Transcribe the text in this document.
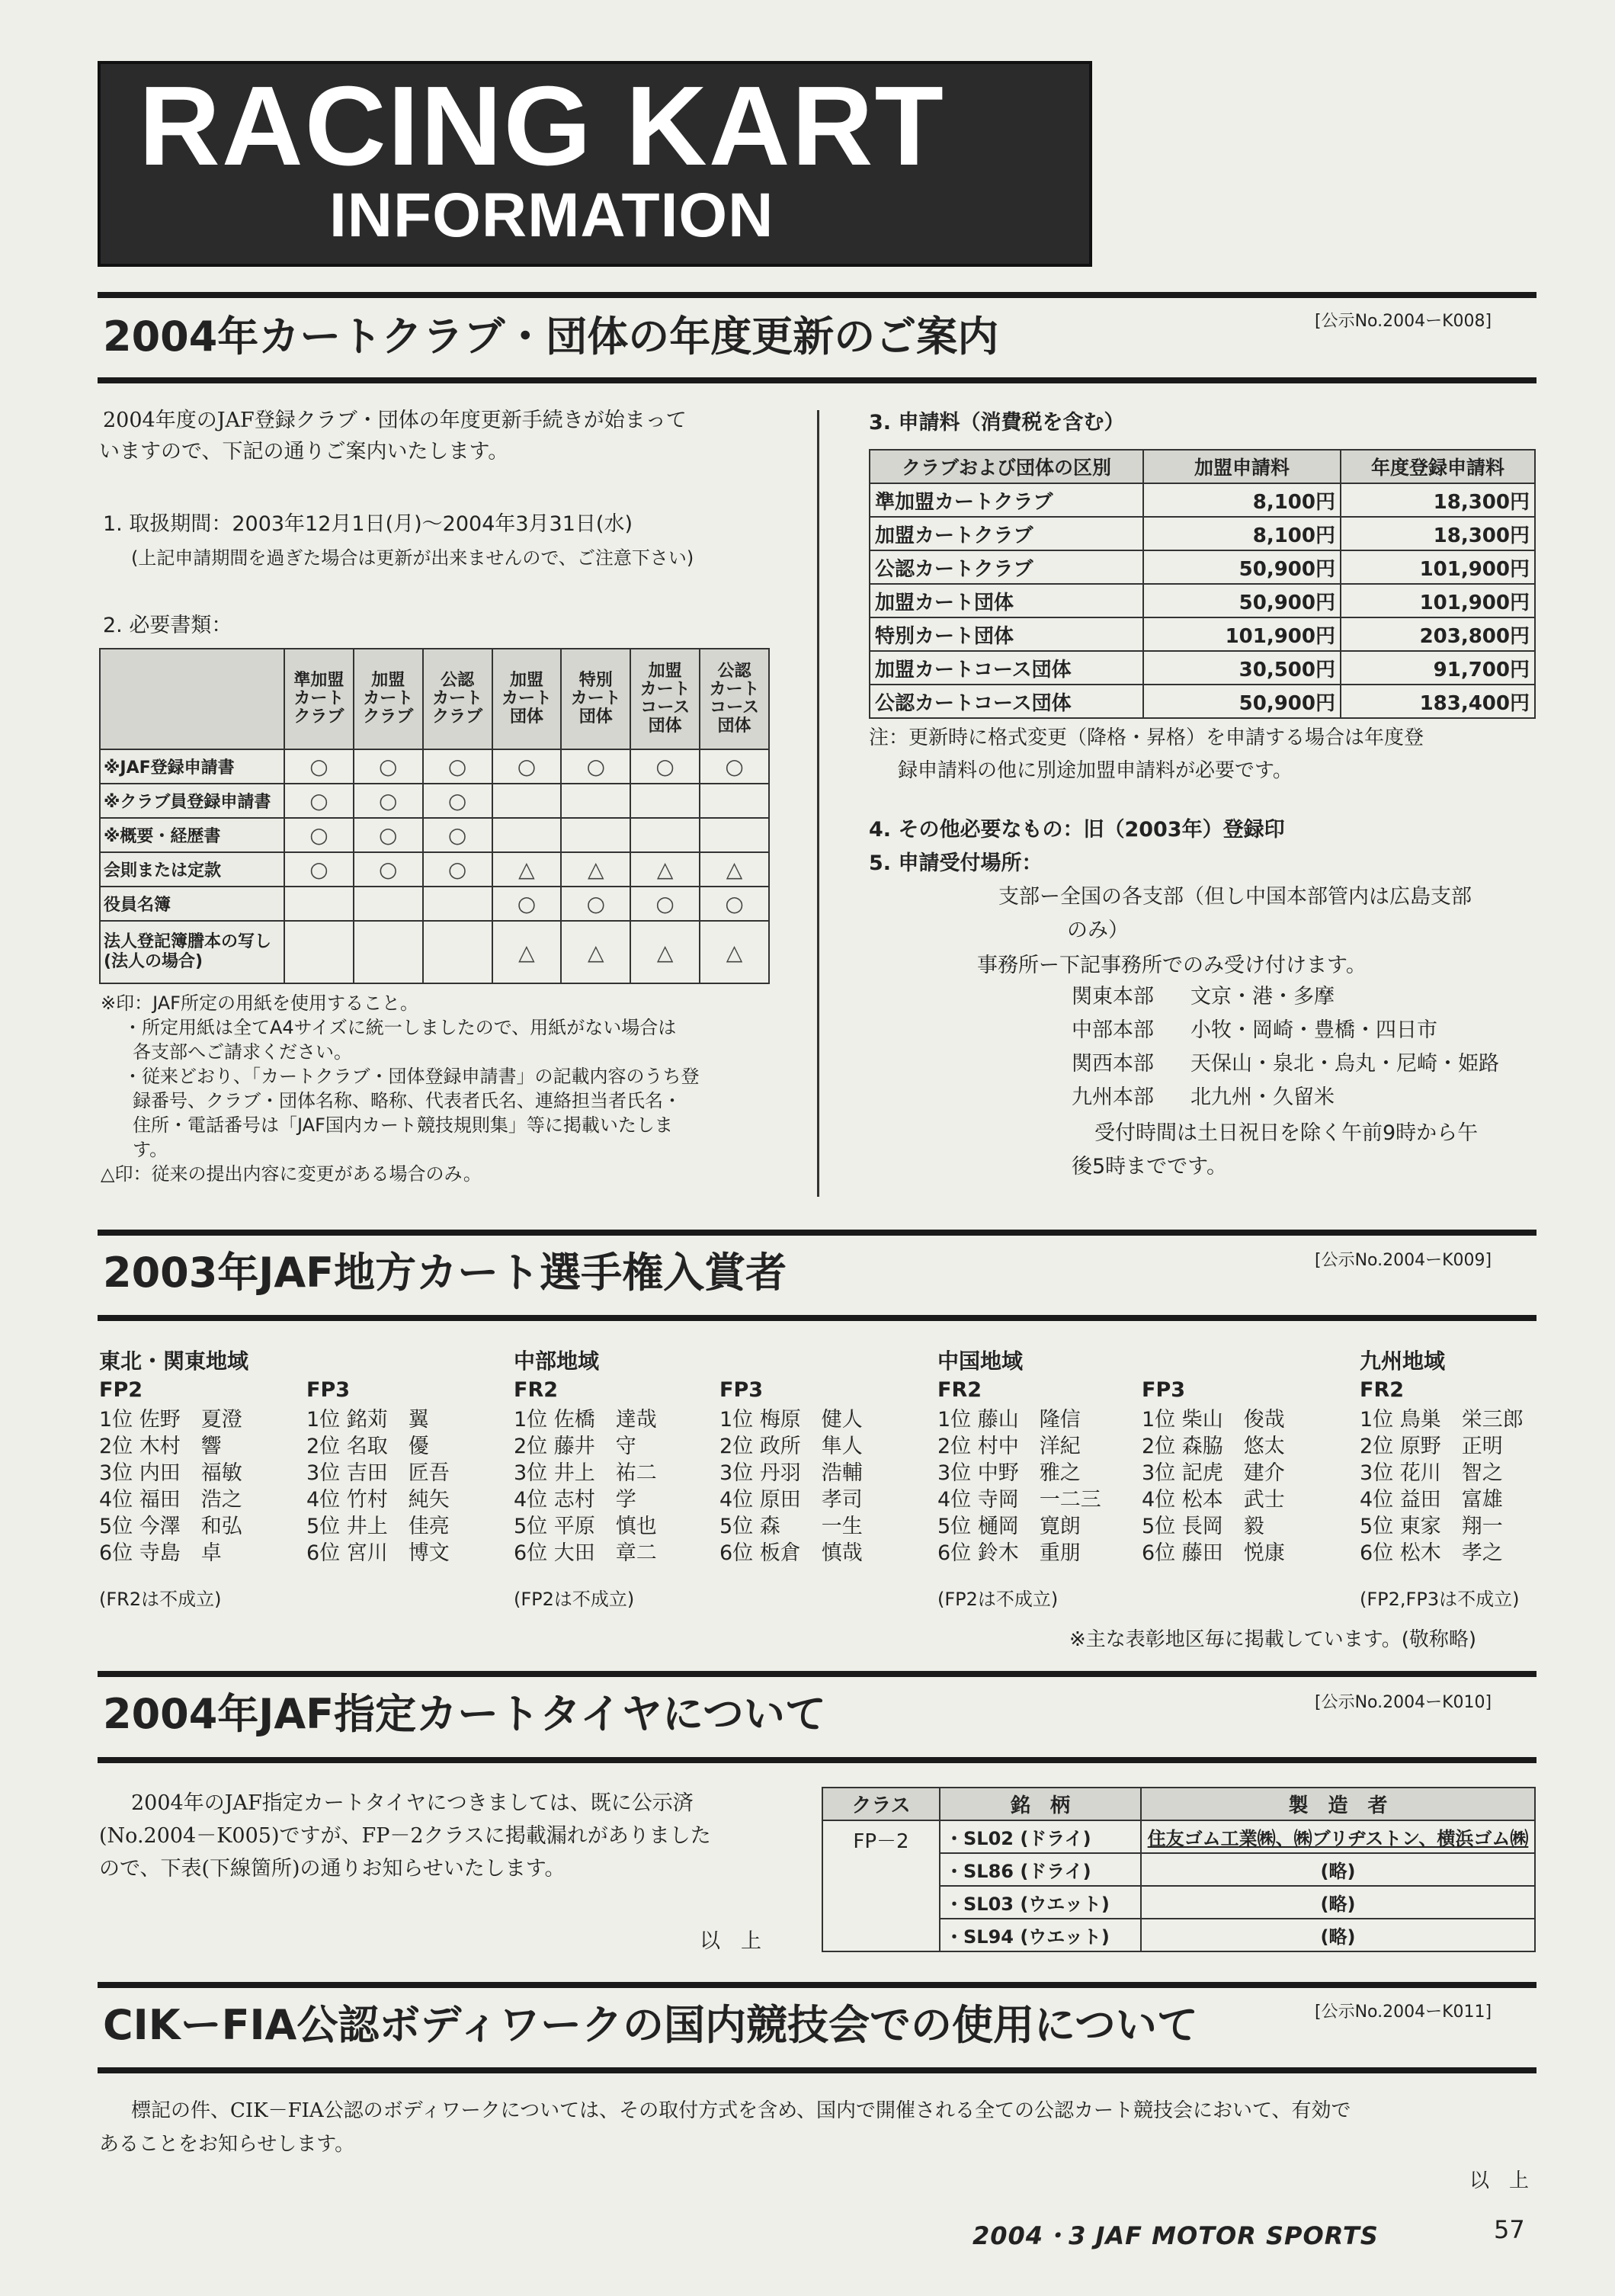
RACING KART
INFORMATION
2004年カートクラブ・団体の年度更新のご案内	[公示No.2004ーK008]
2004年度のJAF登録クラブ・団体の年度更新手続きが始まって
いますので、下記の通りご案内いたします。
1. 取扱期間：2003年12月1日(月)～2004年3月31日(水)
(上記申請期間を過ぎた場合は更新が出来ませんので、ご注意下さい)
2. 必要書類：
	準加盟
カート
クラブ	加盟
カート
クラブ	公認
カート
クラブ	加盟
カート
団体	特別
カート
団体	加盟
カート
コース
団体	公認
カート
コース
団体
※JAF登録申請書	○	○	○	○	○	○	○
※クラブ員登録申請書	○	○	○				
※概要・経歴書	○	○	○				
会則または定款	○	○	○	△	△	△	△
役員名簿				○	○	○	○
法人登記簿謄本の写し
(法人の場合)				△	△	△	△
※印：JAF所定の用紙を使用すること。
・所定用紙は全てA4サイズに統一しましたので、用紙がない場合は
各支部へご請求ください。
・従来どおり、「カートクラブ・団体登録申請書」の記載内容のうち登
録番号、クラブ・団体名称、略称、代表者氏名、連絡担当者氏名・
住所・電話番号は「JAF国内カート競技規則集」等に掲載いたしま
す。
△印：従来の提出内容に変更がある場合のみ。
3. 申請料（消費税を含む）
クラブおよび団体の区別	加盟申請料	年度登録申請料
準加盟カートクラブ	8,100円	18,300円
加盟カートクラブ	8,100円	18,300円
公認カートクラブ	50,900円	101,900円
加盟カート団体	50,900円	101,900円
特別カート団体	101,900円	203,800円
加盟カートコース団体	30,500円	91,700円
公認カートコース団体	50,900円	183,400円
注：更新時に格式変更（降格・昇格）を申請する場合は年度登
録申請料の他に別途加盟申請料が必要です。
4. その他必要なもの：旧（2003年）登録印
5. 申請受付場所：
支部ー全国の各支部（但し中国本部管内は広島支部
のみ）
事務所ー下記事務所でのみ受け付けます。
関東本部 文京・港・多摩
中部本部 小牧・岡崎・豊橋・四日市
関西本部 天保山・泉北・烏丸・尼崎・姫路
九州本部 北九州・久留米
受付時間は土日祝日を除く午前9時から午
後5時までです。
2003年JAF地方カート選手権入賞者	[公示No.2004ーK009]
東北・関東地域
FP2
1位 佐野　夏澄
2位 木村　響
3位 内田　福敏
4位 福田　浩之
5位 今澤　和弘
6位 寺島　卓
FP3
1位 銘苅　翼
2位 名取　優
3位 吉田　匠吾
4位 竹村　純矢
5位 井上　佳亮
6位 宮川　博文
(FR2は不成立)
中部地域
FR2
1位 佐橋　達哉
2位 藤井　守
3位 井上　祐二
4位 志村　学
5位 平原　慎也
6位 大田　章二
FP3
1位 梅原　健人
2位 政所　隼人
3位 丹羽　浩輔
4位 原田　孝司
5位 森　　一生
6位 板倉　慎哉
(FP2は不成立)
中国地域
FR2
1位 藤山　隆信
2位 村中　洋紀
3位 中野　雅之
4位 寺岡　一二三
5位 樋岡　寛朗
6位 鈴木　重朋
FP3
1位 柴山　俊哉
2位 森脇　悠太
3位 記虎　建介
4位 松本　武士
5位 長岡　毅
6位 藤田　悦康
(FP2は不成立)
九州地域
FR2
1位 鳥巣　栄三郎
2位 原野　正明
3位 花川　智之
4位 益田　富雄
5位 東家　翔一
6位 松木　孝之
(FP2,FP3は不成立)
※主な表彰地区毎に掲載しています。(敬称略)
2004年JAF指定カートタイヤについて	[公示No.2004ーK010]
2004年のJAF指定カートタイヤにつきましては、既に公示済
(No.2004－K005)ですが、FP－2クラスに掲載漏れがありました
ので、下表(下線箇所)の通りお知らせいたします。
以　上
クラス	銘　柄	製　造　者
FP－2	・SL02 (ドライ)	住友ゴム工業㈱、㈱ブリヂストン、横浜ゴム㈱
	・SL86 (ドライ)	(略)
	・SL03 (ウエット)	(略)
	・SL94 (ウエット)	(略)
CIKーFIA公認ボディワークの国内競技会での使用について	[公示No.2004ーK011]
標記の件、CIK－FIA公認のボディワークについては、その取付方式を含め、国内で開催される全ての公認カート競技会において、有効で
あることをお知らせします。
以　上
2004・3 JAF MOTOR SPORTS	57
